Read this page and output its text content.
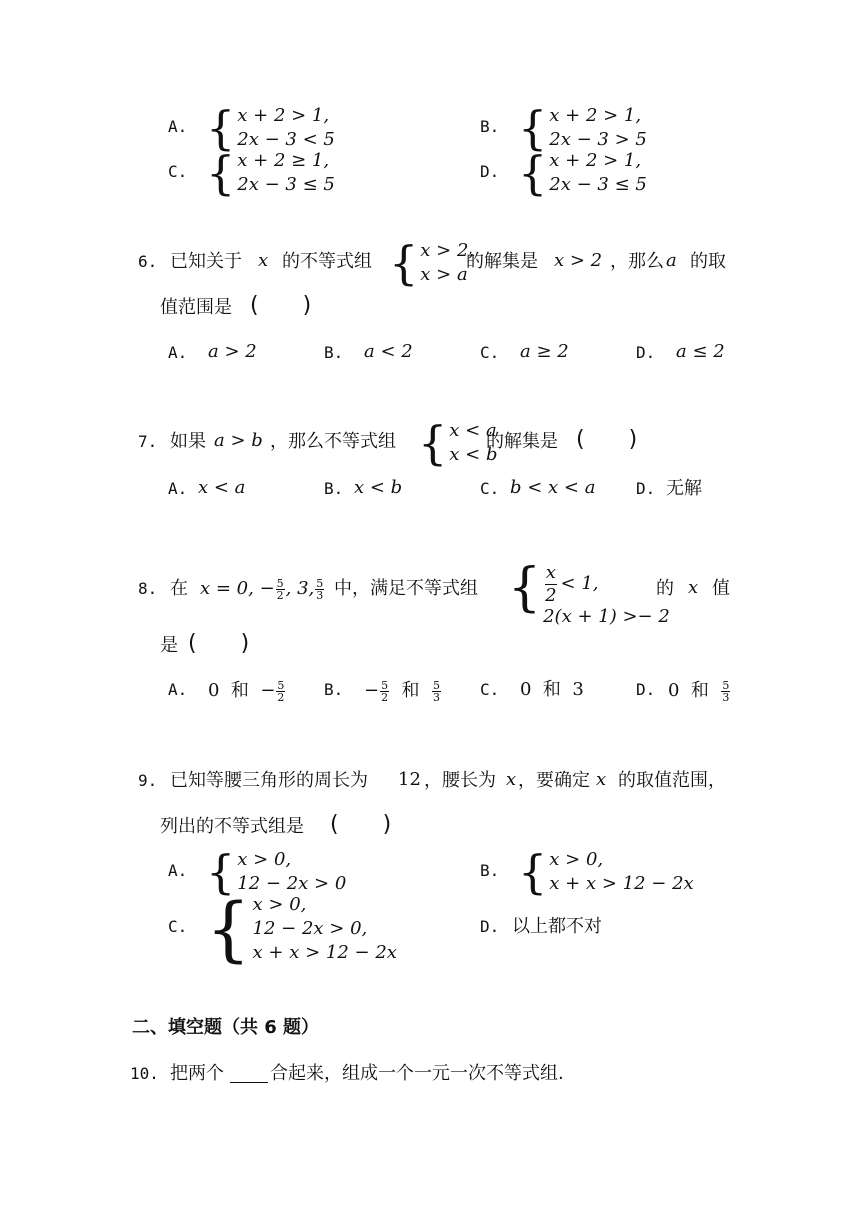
A. { x + 2 > 1,
2x − 3 < 5
B. { x + 2 > 1,
2x − 3 > 5
C. { x + 2 ≥ 1,
2x − 3 ≤ 5
D. { x + 2 > 1,
2x − 3 ≤ 5
6. 已知关于 x 的不等式组 { x > 2,
x > a
的解集是 x > 2 ，那么 a 的取
值范围是 (　　)
A. a > 2	B. a < 2	C. a ≥ 2	D. a ≤ 2
7. 如果 a > b ，那么不等式组 { x < a
x < b
的解集是 (　　)
A. x < a	B. x < b	C. b < x < a	D. 无解
8. 在 x = 0, − $\frac{5}{2}$ , 3, $\frac{5}{3}$ 中，满足不等式组 { $\frac{x}{2} < 1$,
2(x + 1) >− 2
的 x 值
是 (　　)
A. 0  和  − $\frac{5}{2} B$. − $\frac{5}{2}$ 和 $\frac{5}{3} C$. 0  和  3	D. 0  和 $\frac{5}{3}$
9. 已知等腰三角形的周长为 12 ，腰长为 x ，要确定 x 的取值范围，
列出的不等式组是 (　　)
A. { x > 0,
12 − 2x > 0
B. { x > 0,
x + x > 12 − 2x
C. { x > 0,
12 − 2x > 0,
x + x > 12 − 2x
D. 以上都不对
二、填空题（共 6 题）
10. 把两个	合起来，组成一个一元一次不等式组.
